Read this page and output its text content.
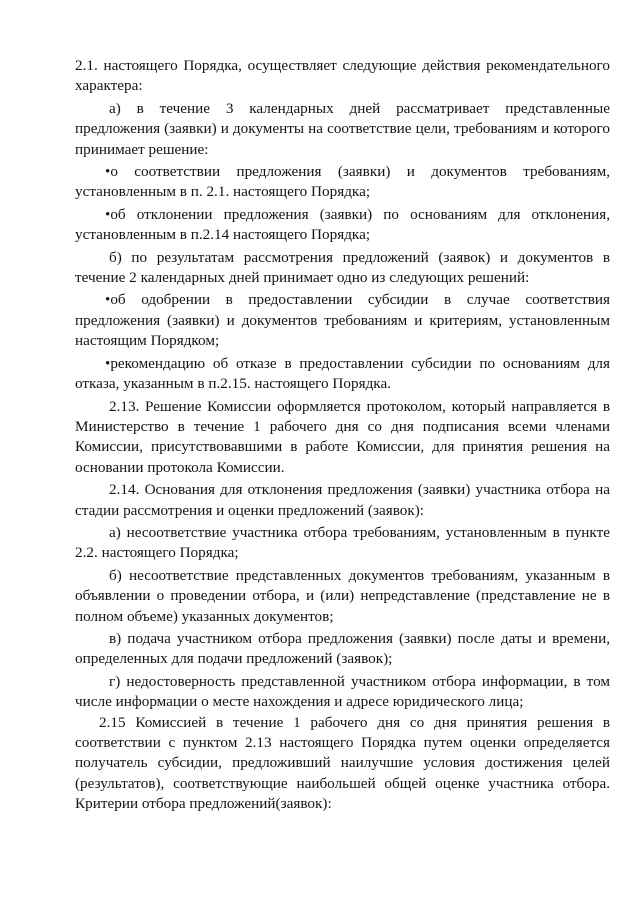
2.1. настоящего Порядка, осуществляет следующие действия рекомендательного характера:

а) в течение 3 календарных дней рассматривает представленные предложения (заявки) и документы на соответствие цели, требованиям и которого принимает решение:

•о соответствии предложения (заявки) и документов требованиям, установленным в п. 2.1. настоящего Порядка;

•об отклонении предложения (заявки) по основаниям для отклонения, установленным в п.2.14 настоящего Порядка;

б) по результатам рассмотрения предложений (заявок) и документов в течение 2 календарных дней принимает одно из следующих решений:

•об одобрении в предоставлении субсидии в случае соответствия предложения (заявки) и документов требованиям и критериям, установленным настоящим Порядком;

•рекомендацию об отказе в предоставлении субсидии по основаниям для отказа, указанным в п.2.15. настоящего Порядка.

2.13. Решение Комиссии оформляется протоколом, который направляется в Министерство в течение 1 рабочего дня со дня подписания всеми членами Комиссии, присутствовавшими в работе Комиссии, для принятия решения на основании протокола Комиссии.

2.14. Основания для отклонения предложения (заявки) участника отбора на стадии рассмотрения и оценки предложений (заявок):

а) несоответствие участника отбора требованиям, установленным в пункте 2.2. настоящего Порядка;

б) несоответствие представленных документов требованиям, указанным в объявлении о проведении отбора, и (или) непредставление (представление не в полном объеме) указанных документов;

в) подача участником отбора предложения (заявки) после даты и времени, определенных для подачи предложений (заявок);

г) недостоверность представленной участником отбора информации, в том числе информации о месте нахождения и адресе юридического лица;

2.15 Комиссией в течение 1 рабочего дня со дня принятия решения в соответствии с пунктом 2.13 настоящего Порядка путем оценки определяется получатель субсидии, предложивший наилучшие условия достижения целей (результатов), соответствующие наибольшей общей оценке участника отбора. Критерии отбора предложений(заявок):
